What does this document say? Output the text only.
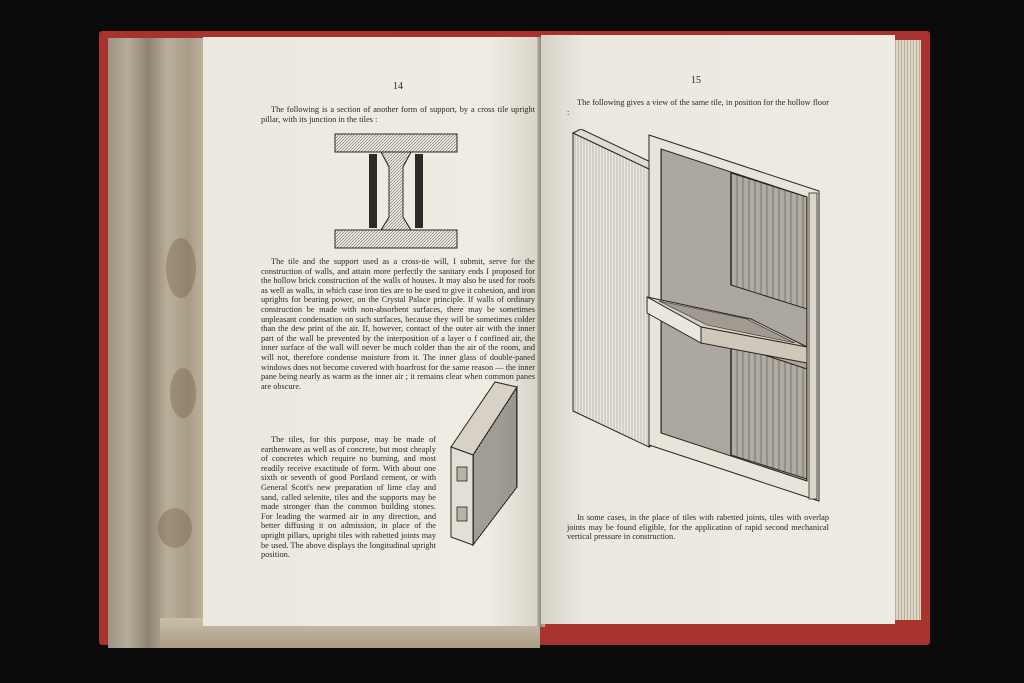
14
The following is a section of another form of support, by a cross tile upright pillar, with its junction in the tiles :
The tile and the support used as a cross-tie will, I submit, serve for the construction of walls, and attain more perfectly the sanitary ends I proposed for the hollow brick construction of the walls of houses. It may also be used for roofs as well as walls, in which case iron ties are to be used to give it cohesion, and iron uprights for bearing power, on the Crystal Palace principle. If walls of ordinary construction be made with non-absorbent surfaces, there may be sometimes unpleasant condensation on such surfaces, because they will be sometimes colder than the dew print of the air. If, however, contact of the outer air with the inner part of the wall be prevented by the interposition of a layer o f confined air, the inner surface of the wall will never be much colder than the air of the room, and will not, therefore condense moisture from it. The inner glass of double-paned windows does not become covered with hoarfrost for the same reason — the inner pane being nearly as warm as the inner air ; it remains clear when common panes are obscure.
The tiles, for this purpose, may be made of earthenware as well as of concrete, but most cheaply of concretes which require no burning, and most readily receive exactitude of form. With about one sixth or seventh of good Portland cement, or with General Scott's new preparation of lime clay and sand, called selenite, tiles and the supports may be made stronger than the common building stones. For leading the warmed air in any direction, and better diffusing it on admission, in place of the upright pillars, upright tiles with rabetted joints may be used. The above displays the longitudinal upright position.
15
The following gives a view of the same tile, in position for the hollow floor :
In some cases, in the place of tiles with rabetted joints, tiles with overlap joints may be found eligible, for the application of rapid second mechanical vertical pressure in construction.
